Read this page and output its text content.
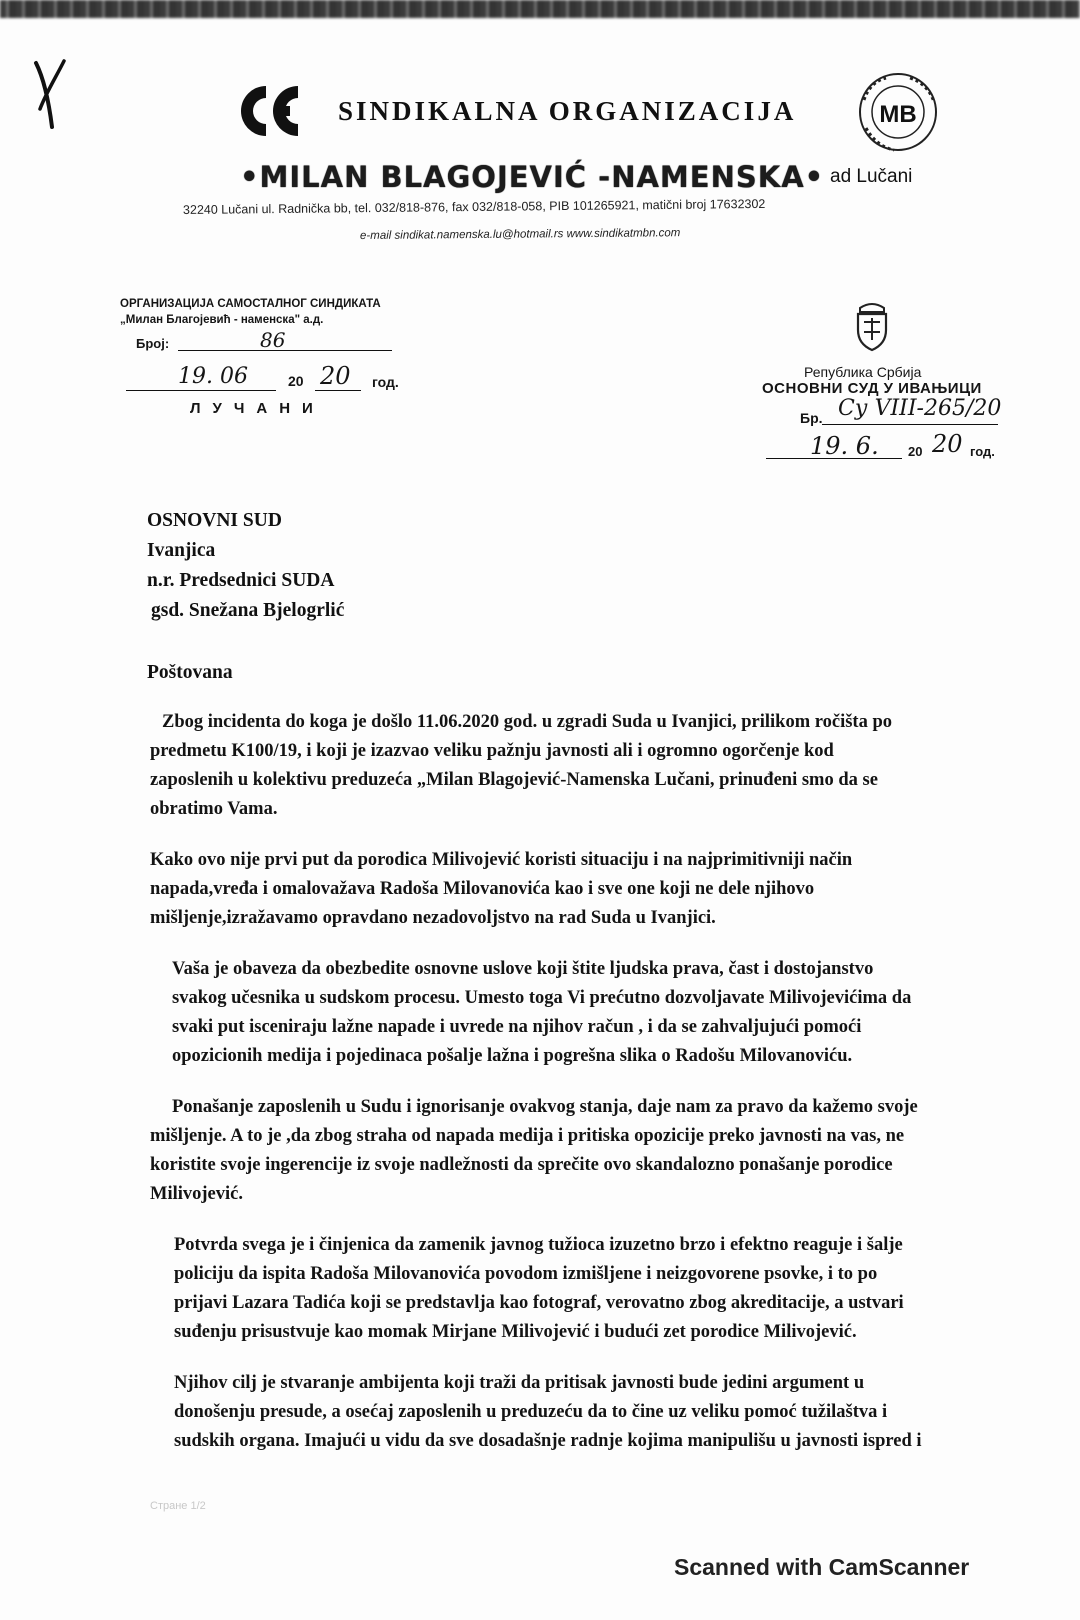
SINDIKALNA ORGANIZACIJA	MB
•MILAN BLAGOJEVIĆ -NAMENSKA• ad Lučani
32240 Lučani ul. Radnička bb, tel. 032/818-876, fax 032/818-058, PIB 101265921, matični broj 17632302
e-mail sindikat.namenska.lu@hotmail.rs www.sindikatmbn.com
ОРГАНИЗАЦИЈА САМОСТАЛНОГ СИНДИКАТА
„Милан Благојевић - наменска" а.д.
Број:	86
19. 06	20 20 год.
ЛУЧАНИ
Република Србија
ОСНОВНИ СУД У ИВАЊИЦИ
Бр. Су VIII-265/20
19. 6. 20 20 год.
OSNOVNI SUD
Ivanjica
n.r. Predsednici SUDA
gsd. Snežana Bjelogrlić
Poštovana
Zbog incidenta do koga je došlo 11.06.2020 god. u zgradi Suda u Ivanjici, prilikom ročišta po
predmetu K100/19, i koji je izazvao veliku pažnju javnosti ali i ogromno ogorčenje kod
zaposlenih u kolektivu preduzeća „Milan Blagojević-Namenska Lučani, prinuđeni smo da se
obratimo Vama.
Kako ovo nije prvi put da porodica Milivojević koristi situaciju i na najprimitivniji način
napada,vređa i omalovažava Radoša Milovanovića kao i sve one koji ne dele njihovo
mišljenje,izražavamo opravdano nezadovoljstvo na rad Suda u Ivanjici.
Vaša je obaveza da obezbedite osnovne uslove koji štite ljudska prava, čast i dostojanstvo
svakog učesnika u sudskom procesu. Umesto toga Vi prećutno dozvoljavate Milivojevićima da
svaki put isceniraju lažne napade i uvrede na njihov račun , i da se zahvaljujući pomoći
opozicionih medija i pojedinaca pošalje lažna i pogrešna slika o Radošu Milovanoviću.
Ponašanje zaposlenih u Sudu i ignorisanje ovakvog stanja, daje nam za pravo da kažemo svoje
mišljenje. A to je ,da zbog straha od napada medija i pritiska opozicije preko javnosti na vas, ne
koristite svoje ingerencije iz svoje nadležnosti da sprečite ovo skandalozno ponašanje porodice
Milivojević.
Potvrda svega je i činjenica da zamenik javnog tužioca izuzetno brzo i efektno reaguje i šalje
policiju da ispita Radoša Milovanovića povodom izmišljene i neizgovorene psovke, i to po
prijavi Lazara Tadića koji se predstavlja kao fotograf, verovatno zbog akreditacije, a ustvari
suđenju prisustvuje kao momak Mirjane Milivojević i budući zet porodice Milivojević.
Njihov cilj je stvaranje ambijenta koji traži da pritisak javnosti bude jedini argument u
donošenju presude, a osećaj zaposlenih u preduzeću da to čine uz veliku pomoć tužilaštva i
sudskih organa. Imajući u vidu da sve dosadašnje radnje kojima manipulišu u javnosti ispred i
Стране 1/2
Scanned with CamScanner
